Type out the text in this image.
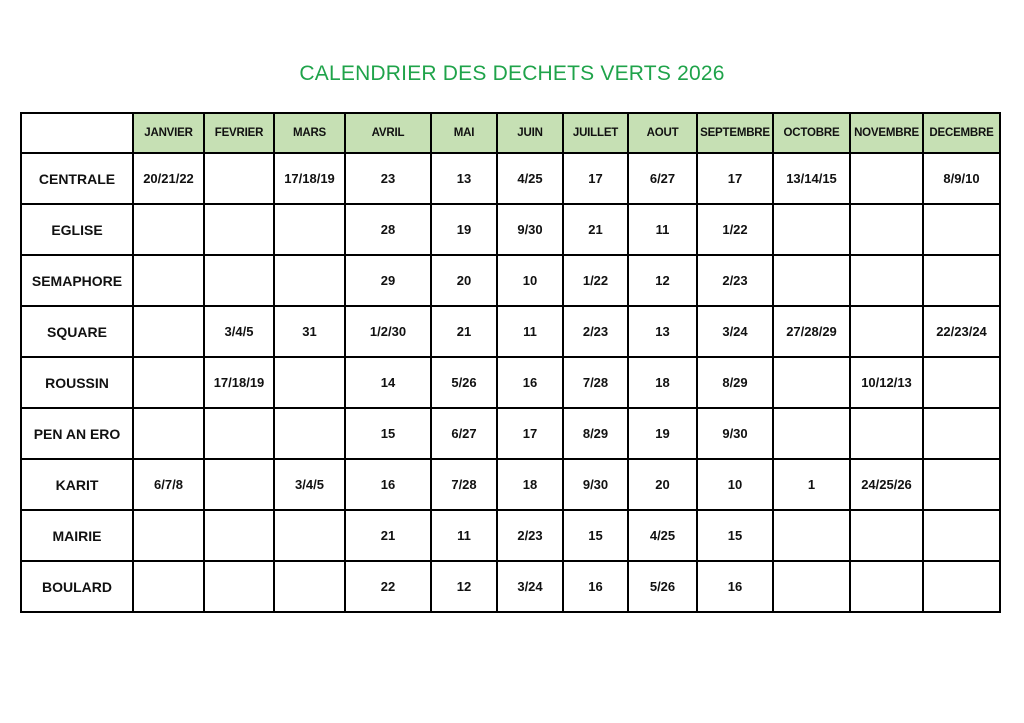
CALENDRIER DES DECHETS VERTS 2026
	JANVIER	FEVRIER	MARS	AVRIL	MAI	JUIN	JUILLET	AOUT	SEPTEMBRE	OCTOBRE	NOVEMBRE	DECEMBRE
CENTRALE	20/21/22		17/18/19	23	13	4/25	17	6/27	17	13/14/15		8/9/10
EGLISE				28	19	9/30	21	11	1/22			
SEMAPHORE				29	20	10	1/22	12	2/23			
SQUARE		3/4/5	31	1/2/30	21	11	2/23	13	3/24	27/28/29		22/23/24
ROUSSIN		17/18/19		14	5/26	16	7/28	18	8/29		10/12/13	
PEN AN ERO				15	6/27	17	8/29	19	9/30			
KARIT	6/7/8		3/4/5	16	7/28	18	9/30	20	10	1	24/25/26	
MAIRIE				21	11	2/23	15	4/25	15			
BOULARD				22	12	3/24	16	5/26	16			
